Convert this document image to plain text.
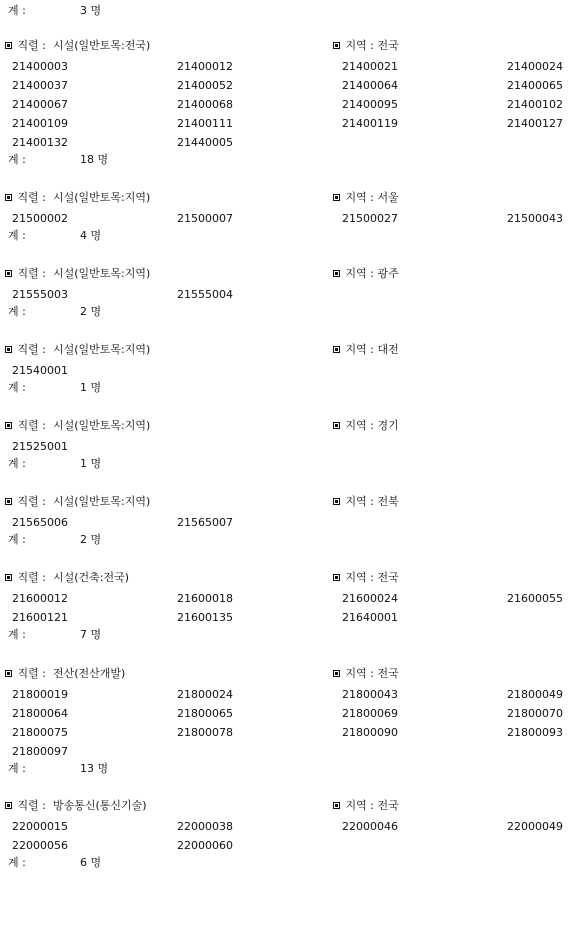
계 :	3 명
직렬 : 시설(일반토목:전국)	지역 : 전국
21400003	21400012	21400021	21400024
21400037	21400052	21400064	21400065
21400067	21400068	21400095	21400102
21400109	21400111	21400119	21400127
21400132	21440005
계 :	18 명
직렬 : 시설(일반토목:지역)	지역 : 서울
21500002	21500007	21500027	21500043
계 :	4 명
직렬 : 시설(일반토목:지역)	지역 : 광주
21555003	21555004
계 :	2 명
직렬 : 시설(일반토목:지역)	지역 : 대전
21540001
계 :	1 명
직렬 : 시설(일반토목:지역)	지역 : 경기
21525001
계 :	1 명
직렬 : 시설(일반토목:지역)	지역 : 전북
21565006	21565007
계 :	2 명
직렬 : 시설(건축:전국)	지역 : 전국
21600012	21600018	21600024	21600055
21600121	21600135	21640001
계 :	7 명
직렬 : 전산(전산개발)	지역 : 전국
21800019	21800024	21800043	21800049
21800064	21800065	21800069	21800070
21800075	21800078	21800090	21800093
21800097
계 :	13 명
직렬 : 방송통신(통신기술)	지역 : 전국
22000015	22000038	22000046	22000049
22000056	22000060
계 :	6 명
